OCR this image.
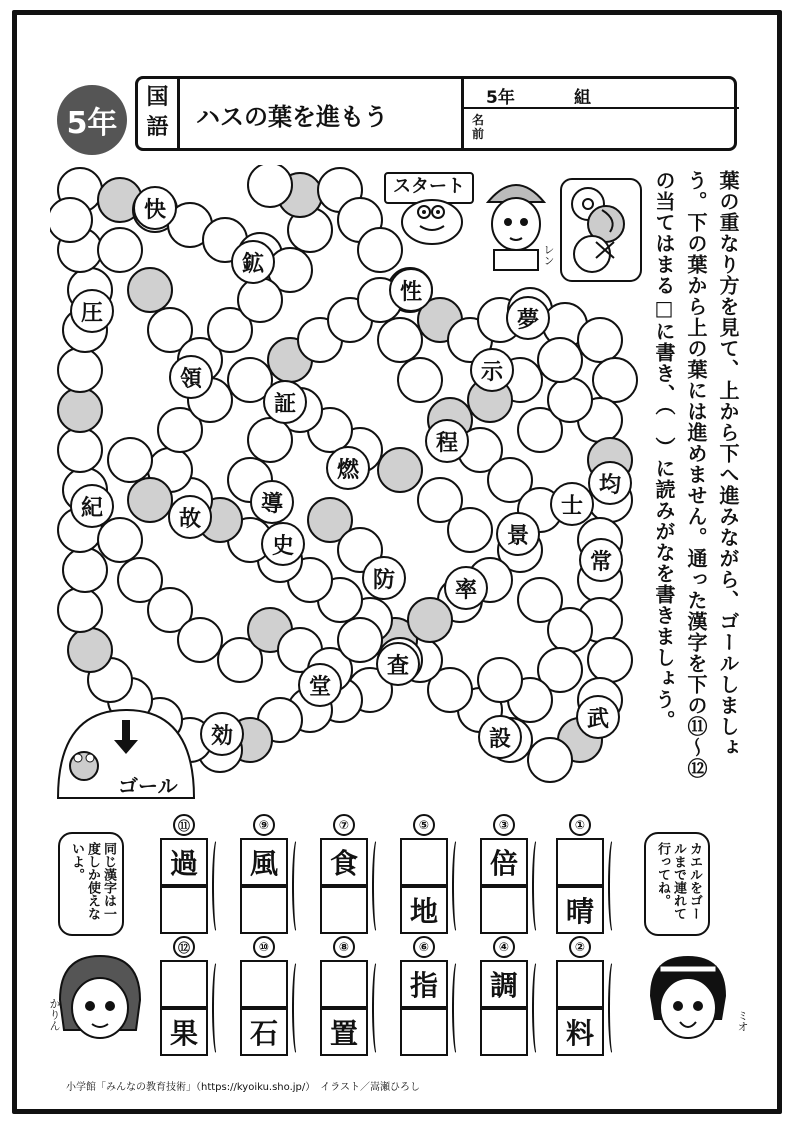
5年
国語	ハスの葉を進もう
5年	組
名前
葉の重なり方を見て、上から下へ進みながら、ゴールしましょう。下の葉から上の葉には進めません。通った漢字を下の⑪〜⑫の当てはまる□に書き、（　）に読みがなを書きましょう。
快
鉱
圧
性
夢
領	示
証
程
燃
紀
均
士
故
導
景
史
常
防	率
査
堂
武
効	設
スタート
レン
ゴール
⑪
過
⑨
風
⑦
食
⑤
地
③
倍
①
晴
⑫
果
⑩
石
⑧
置
⑥
指
④
調
②
料
同じ漢字は一度しか使えないよ。	カエルをゴールまで連れて行ってね。
かりん	ミオ
小学館「みんなの教育技術」（https://kyoiku.sho.jp/）　イラスト／嵩瀬ひろし
